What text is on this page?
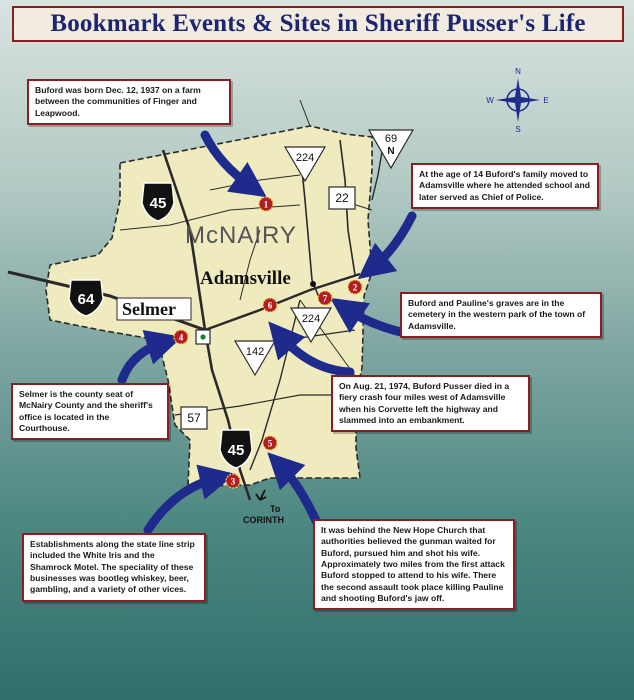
Bookmark Events & Sites in Sheriff Pusser's Life
McNAIRY
Adamsville
Selmer
45
45
64
224
224
142
69
N
22
57
N
S
E
W
To
CORINTH
1
2
3
4
5
6
7
Buford was born Dec. 12, 1937 on a farm between the communities of Finger and Leapwood.
At the age of 14 Buford's family moved to Adamsville where he attended school and later served as Chief of Police.
Buford and Pauline's graves are in the cemetery in the western park of the town of Adamsville.
On Aug. 21, 1974, Buford Pusser died in a fiery crash four miles west of Adamsville when his Corvette left the highway and slammed into an embankment.
Selmer is the county seat of McNairy County and the sheriff's office is located in the Courthouse.
Establishments along the state line strip included the White Iris and the Shamrock Motel. The speciality of these businesses was bootleg whiskey, beer, gambling, and a variety of other vices.
It was behind the New Hope Church that authorities believed the gunman waited for Buford, pursued him and shot his wife. Approximately two miles from the first attack Buford stopped to attend to his wife. There the second assault took place killing Pauline and shooting Buford's jaw off.
